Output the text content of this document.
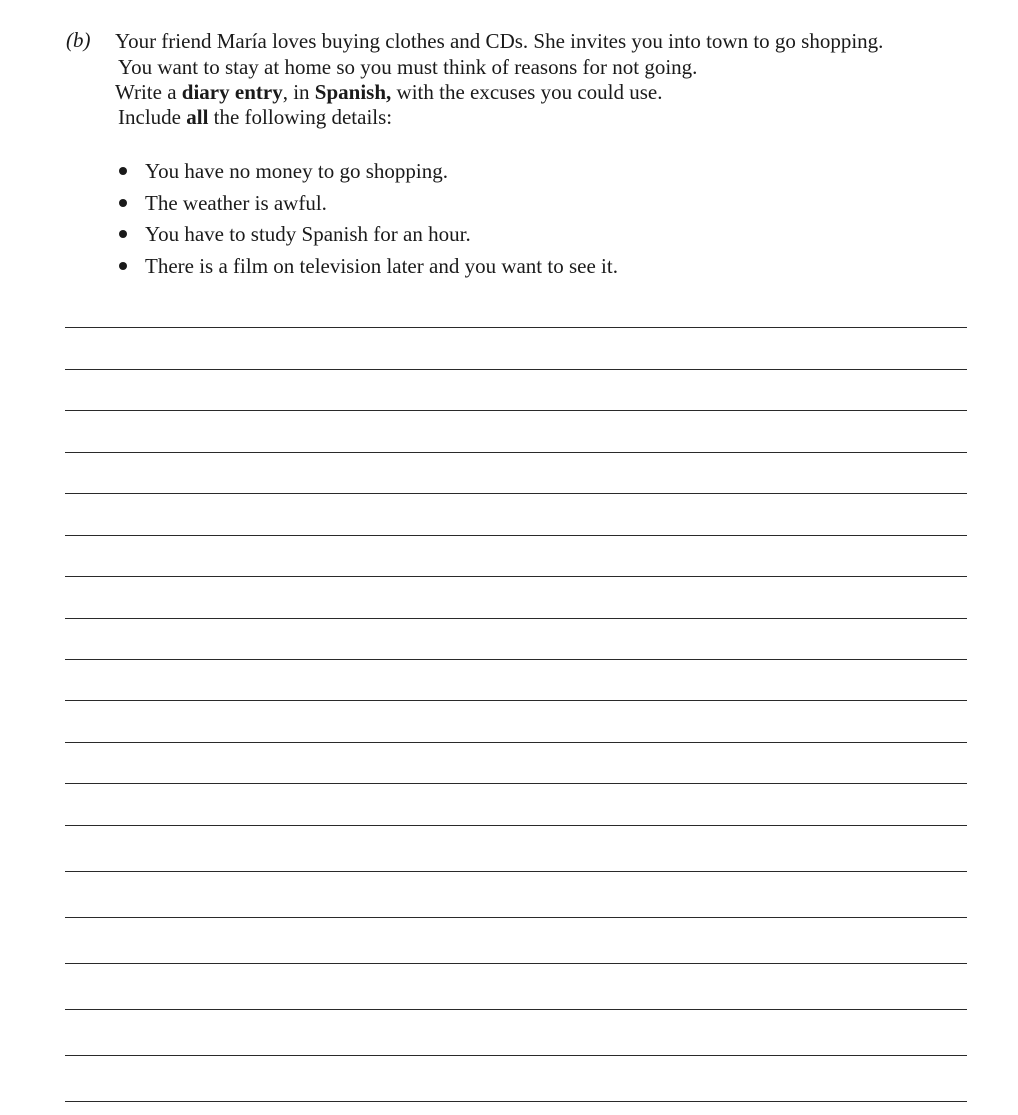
(b) Your friend María loves buying clothes and CDs. She invites you into town to go shopping.
You want to stay at home so you must think of reasons for not going.
Write a diary entry, in Spanish, with the excuses you could use.
Include all the following details:
You have no money to go shopping.
The weather is awful.
You have to study Spanish for an hour.
There is a film on television later and you want to see it.
